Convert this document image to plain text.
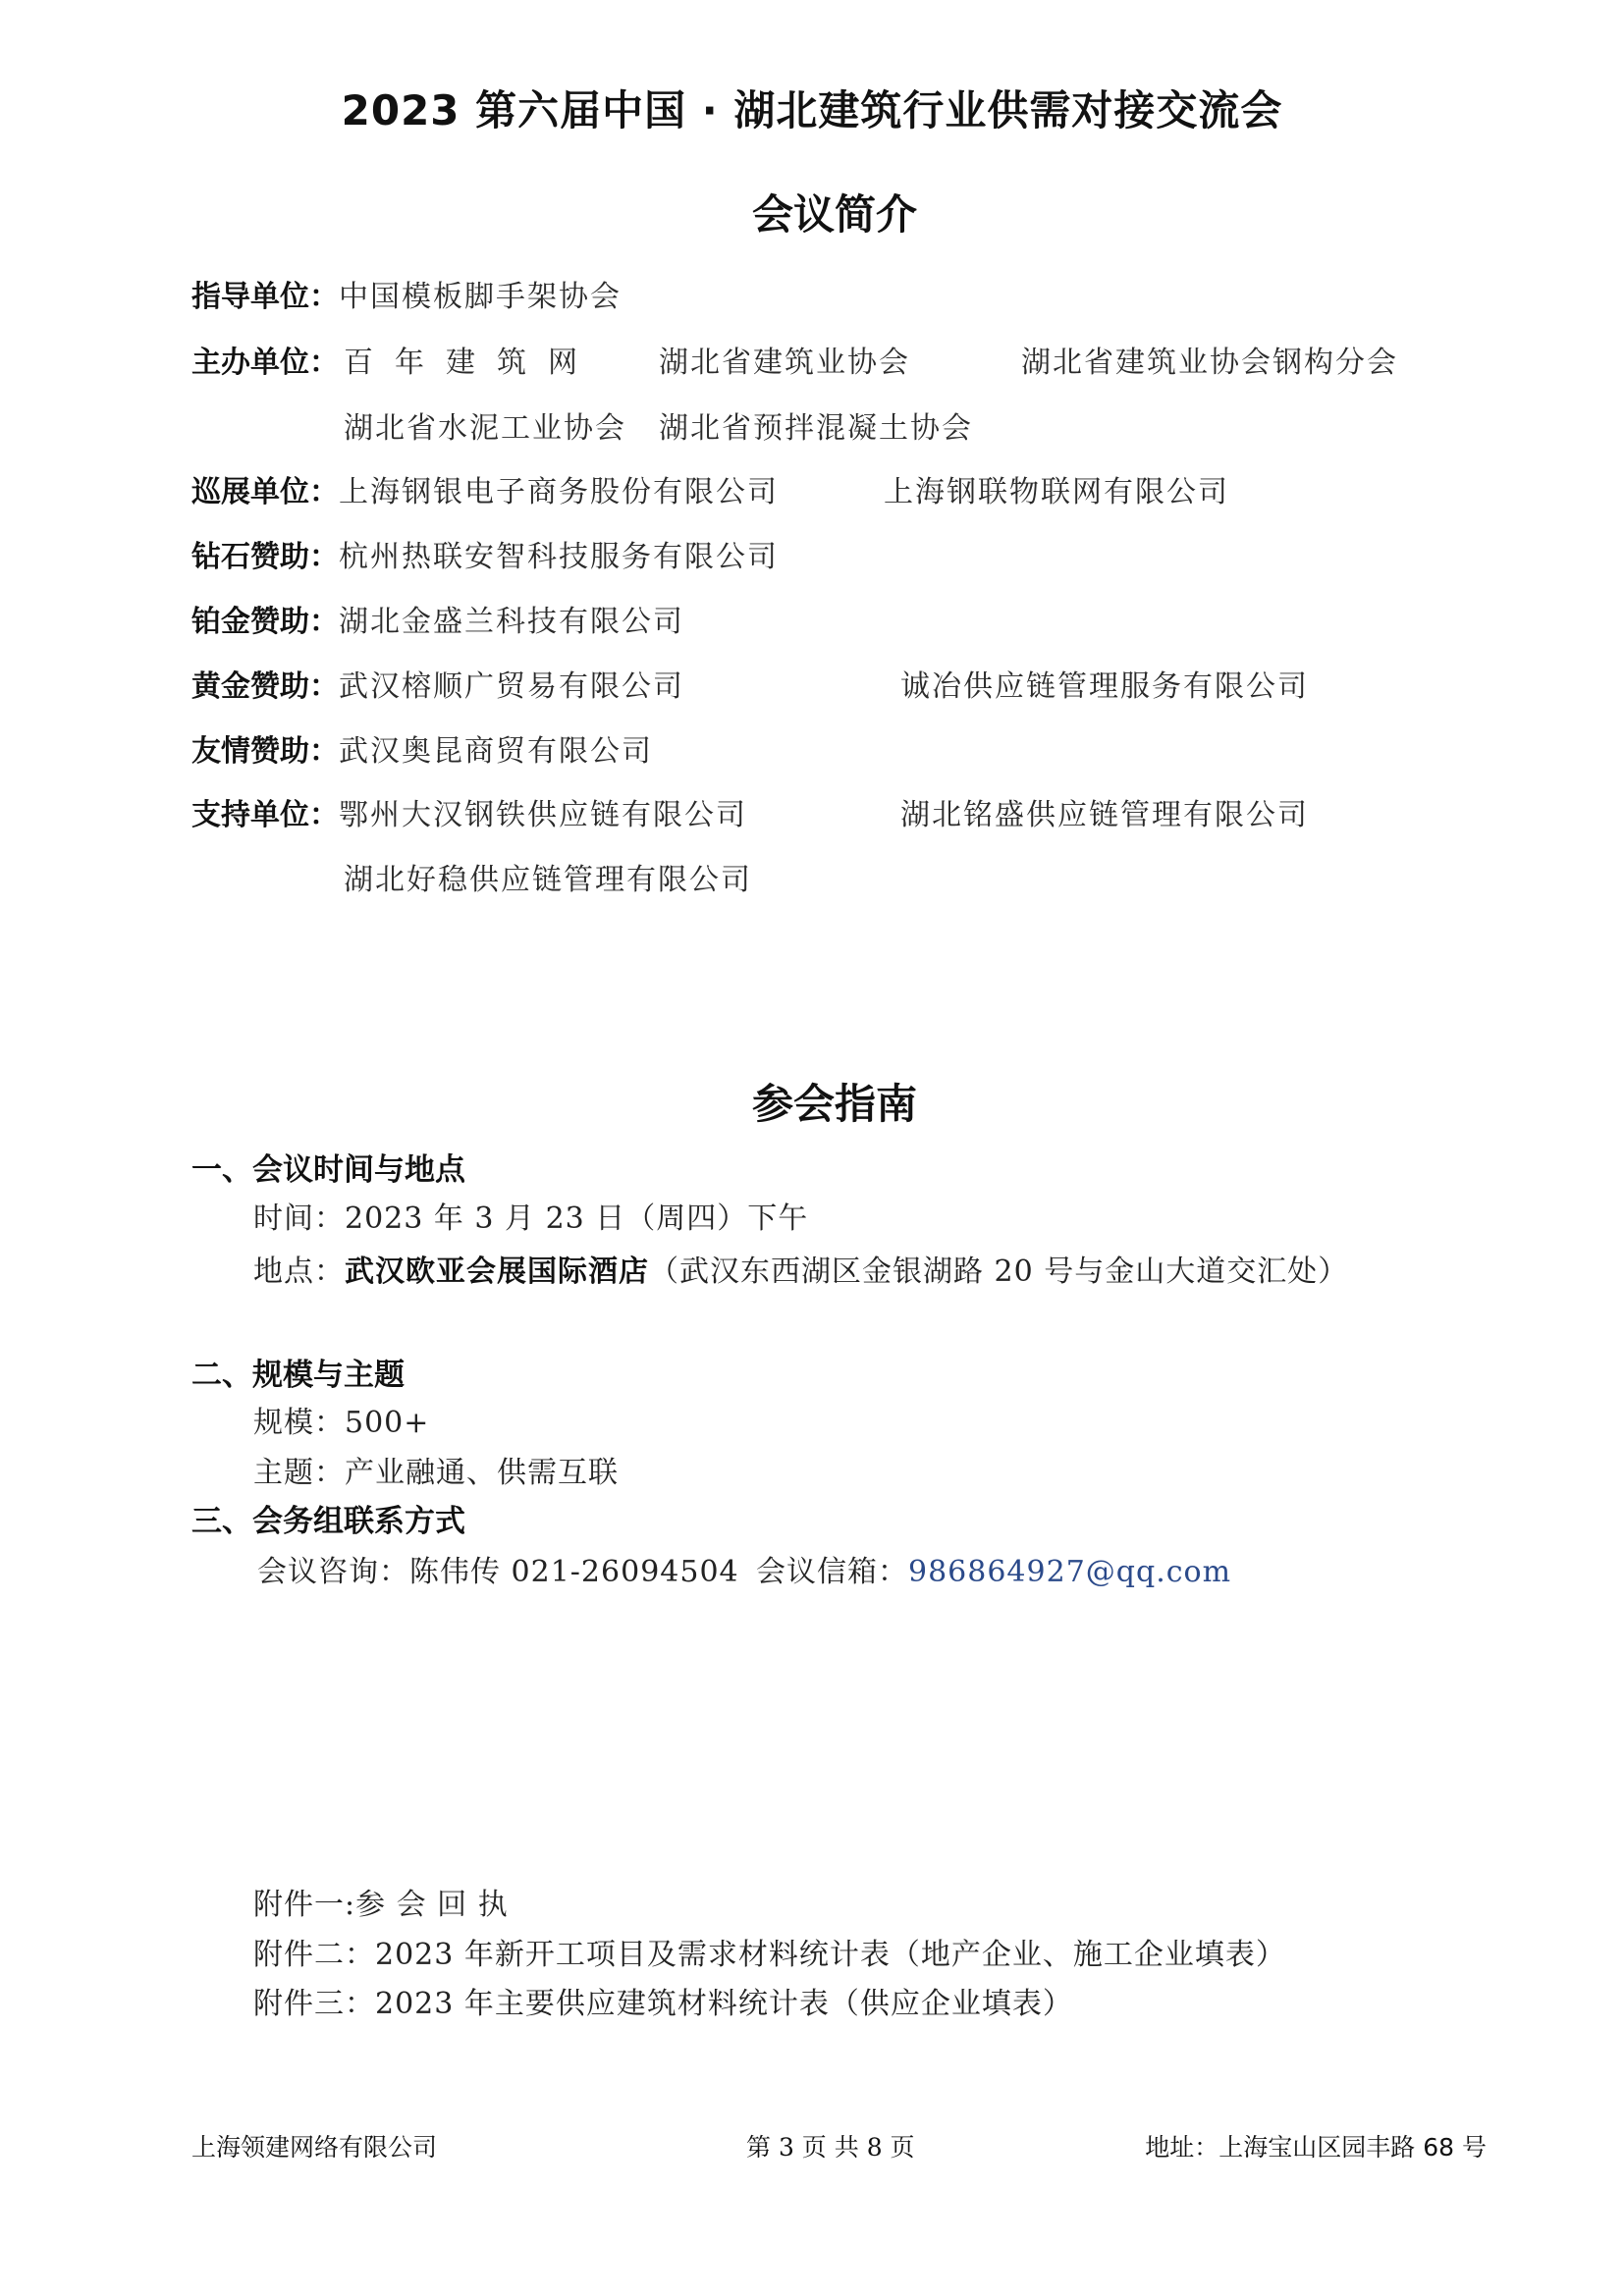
2023 第六届中国 · 湖北建筑行业供需对接交流会
会议简介
指导单位：中国模板脚手架协会
主办单位： 百年建筑网 湖北省建筑业协会	湖北省建筑业协会钢构分会
湖北省水泥工业协会 湖北省预拌混凝土协会
巡展单位：上海钢银电子商务股份有限公司	上海钢联物联网有限公司
钻石赞助：杭州热联安智科技服务有限公司
铂金赞助：湖北金盛兰科技有限公司
黄金赞助：武汉榕顺广贸易有限公司	诚冶供应链管理服务有限公司
友情赞助：武汉奥昆商贸有限公司
支持单位：鄂州大汉钢铁供应链有限公司	湖北铭盛供应链管理有限公司
湖北好稳供应链管理有限公司
参会指南
一、会议时间与地点
时间：2023 年 3 月 23 日（周四）下午
地点：武汉欧亚会展国际酒店（武汉东西湖区金银湖路 20 号与金山大道交汇处）
二、规模与主题
规模：500+
主题：产业融通、供需互联
三、会务组联系方式
会议咨询：陈伟传 021-26094504 会议信箱：986864927@qq.com
附件一:参 会 回 执
附件二：2023 年新开工项目及需求材料统计表（地产企业、施工企业填表）
附件三：2023 年主要供应建筑材料统计表（供应企业填表）
上海领建网络有限公司	第 3 页 共 8 页	地址：上海宝山区园丰路 68 号
